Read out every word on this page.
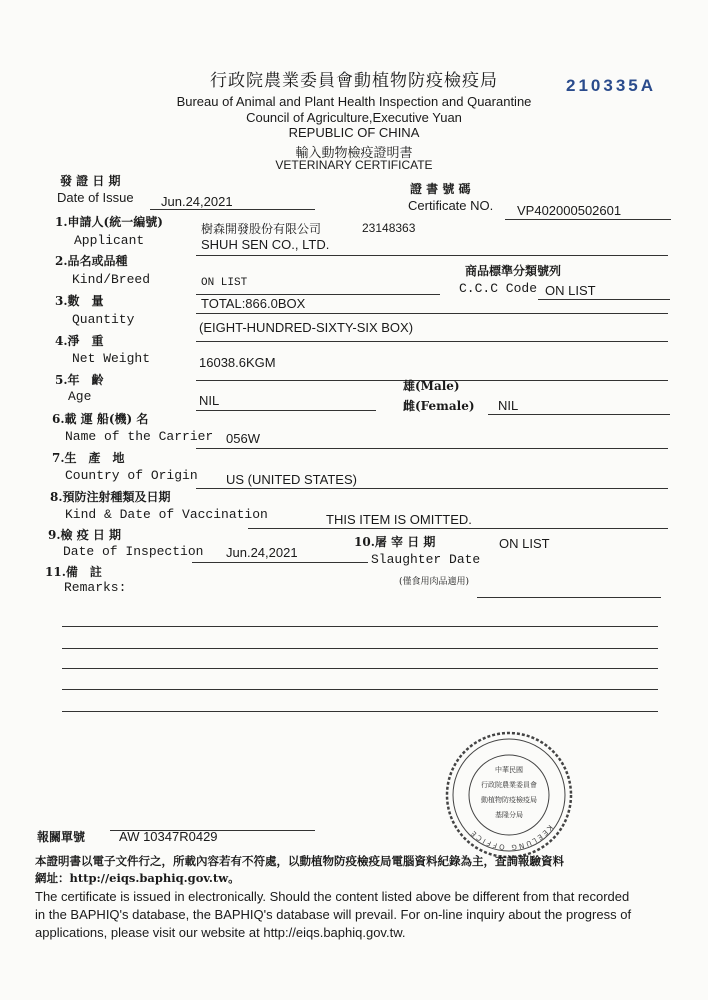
行政院農業委員會動植物防疫檢疫局	210335A
Bureau of Animal and Plant Health Inspection and Quarantine
Council of Agriculture,Executive Yuan
REPUBLIC OF CHINA
輸入動物檢疫證明書
VETERINARY CERTIFICATE
發 證 日 期
Date of Issue Jun.24,2021
證 書 號 碼
Certificate NO. VP402000502601
1.申請人(統一編號)
Applicant
樹森開發股份有限公司	23148363
SHUH SEN CO., LTD.
2.品名或品種
Kind/Breed	ON LIST
商品標準分類號列
C.C.C Code ON LIST
3.數　量
Quantity
TOTAL:866.0BOX
(EIGHT-HUNDRED-SIXTY-SIX BOX)
4.淨　重
Net Weight	16038.6KGM
5.年　齡
Age	NIL
雄(Male)
雌(Female) NIL
6.載 運 船(機) 名
Name of the Carrier 056W
7.生　產　地
Country of Origin US (UNITED STATES)
8.預防注射種類及日期
Kind & Date of Vaccination	THIS ITEM IS OMITTED.
9.檢 疫 日 期
Date of Inspection Jun.24,2021
10.屠 宰 日 期
Slaughter Date
ON LIST
(僅食用肉品適用)
11.備　註
Remarks:
KEELUNG OFFICE
中華民國
行政院農業委員會
動植物防疫檢疫局
基隆分局
報關單號	AW 10347R0429
本證明書以電子文件行之，所載內容若有不符處，以動植物防疫檢疫局電腦資料紀錄為主，查詢報驗資料
網址：http://eiqs.baphiq.gov.tw。
The certificate is issued in electronically. Should the content listed above be different from that recorded
in the BAPHIQ's database, the BAPHIQ's database will prevail. For on-line inquiry about the progress of
applications, please visit our website at http://eiqs.baphiq.gov.tw.
